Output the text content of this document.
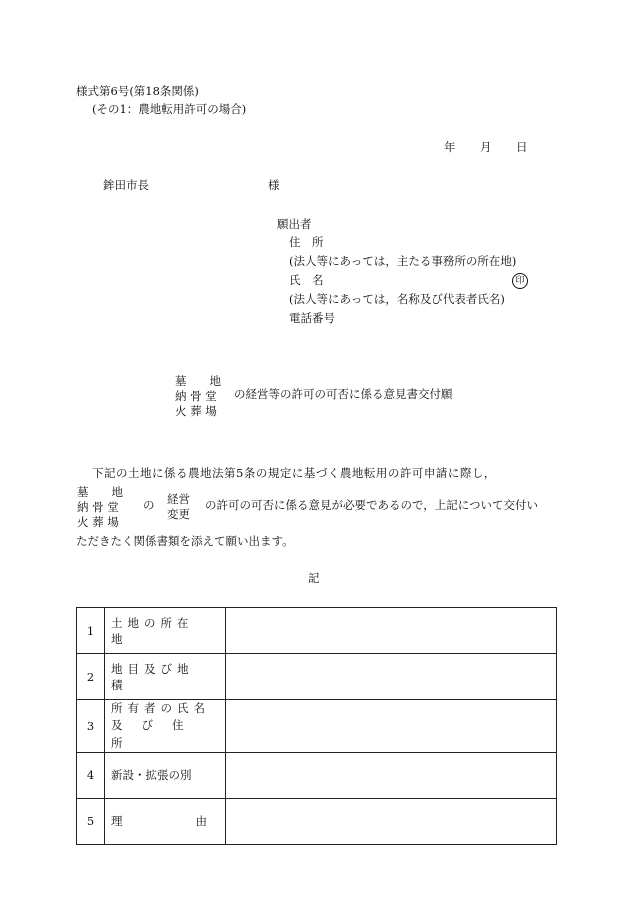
様式第6号(第18条関係)
(その1：農地転用許可の場合)
年 月 日
鉾田市長	様
願出者
住　所
(法人等にあっては，主たる事務所の所在地)
氏　名	印
(法人等にあっては，名称及び代表者氏名)
電話番号
墓　　地
納 骨 堂
火 葬 場
の経営等の許可の可否に係る意見書交付願
下記の土地に係る農地法第5条の規定に基づく農地転用の許可申請に際し，
墓　　地
納 骨 堂
火 葬 場
の 経営
変更
の許可の可否に係る意見が必要であるので，上記について交付い
ただきたく関係書類を添えて願い出ます。
記
1	土地の所在地	

2	地目及び地積	

3	所有者の氏名
及び住所	

4	新設・拡張の別	

5	理 由	
